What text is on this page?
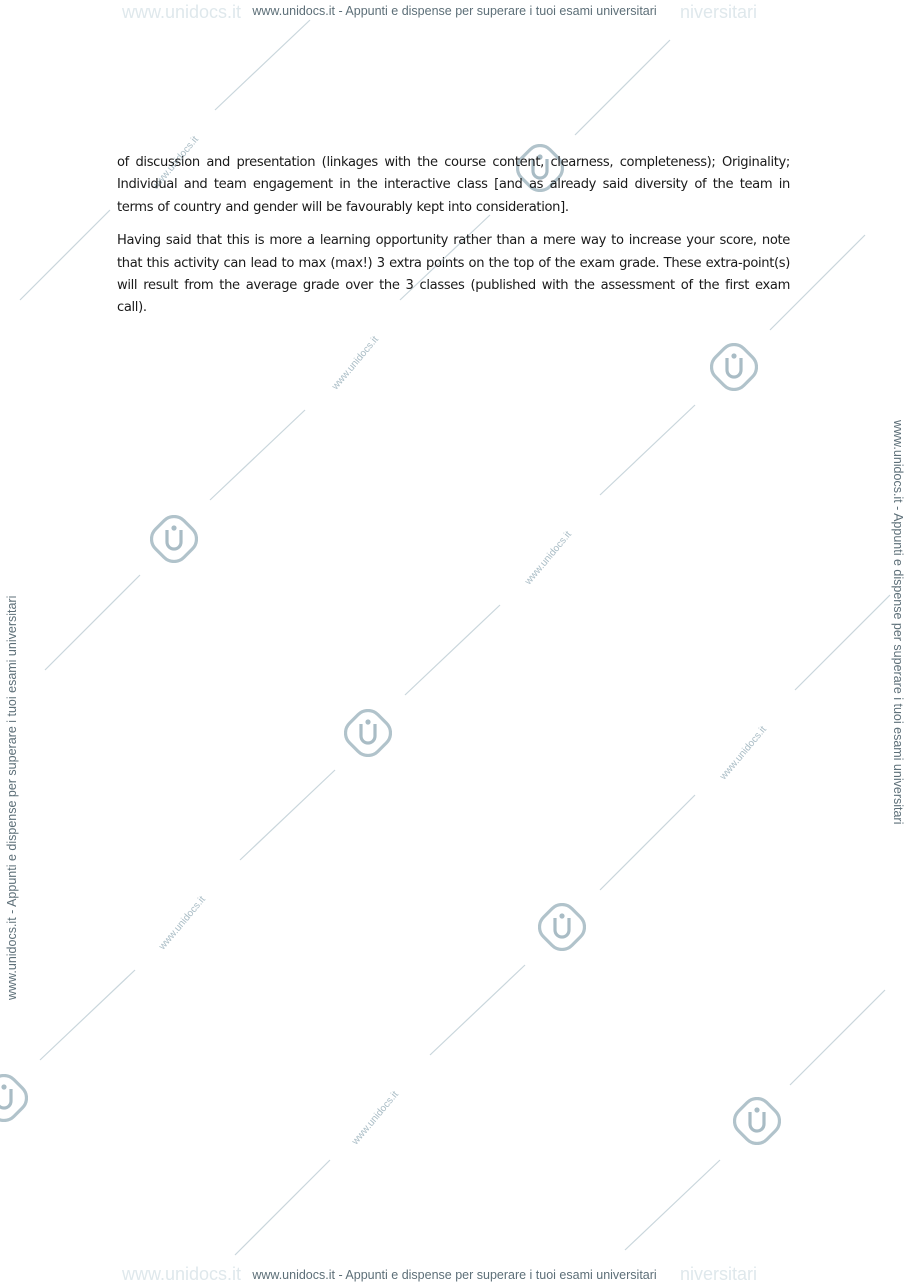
www.unidocs.it	niversitari
www.unidocs.it	niversitari
www.unidocs.it - Appunti e dispense per superare i tuoi esami universitari
www.unidocs.it - Appunti e dispense per superare i tuoi esami universitari
www.unidocs.it - Appunti e dispense per superare i tuoi esami universitari	www.unidocs.it - Appunti e dispense per superare i tuoi esami universitari
www.unidocs.it
www.unidocs.it
www.unidocs.it
www.unidocs.it
www.unidocs.it
www.unidocs.it

of discussion and presentation (linkages with the course content, clearness, completeness); Originality; Individual and team engagement in the interactive class [and as already said diversity of the team in terms of country and gender will be favourably kept into consideration].

Having said that this is more a learning opportunity rather than a mere way to increase your score, note that this activity can lead to max (max!) 3 extra points on the top of the exam grade. These extra-point(s) will result from the average grade over the 3 classes (published with the assessment of the first exam call).
